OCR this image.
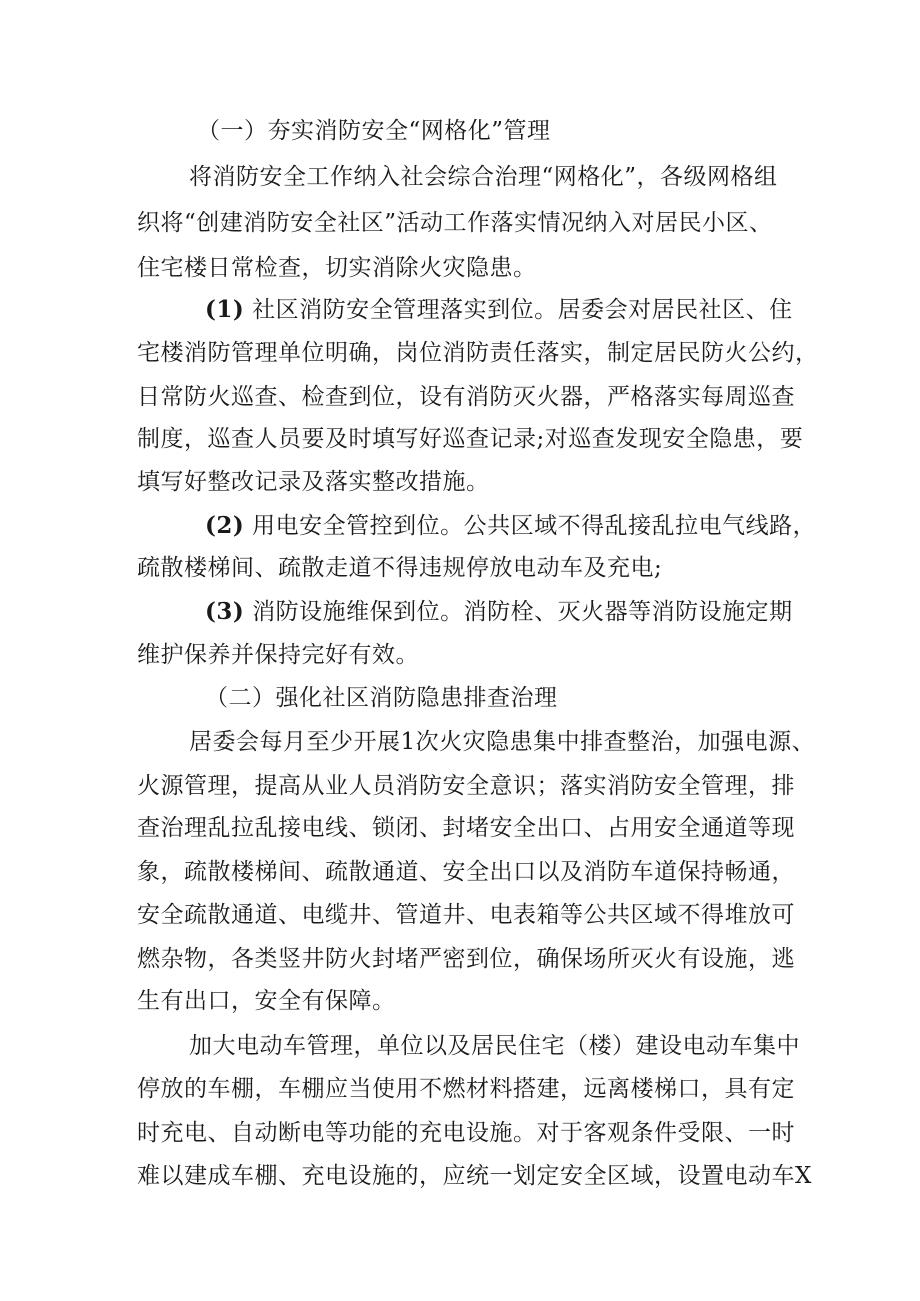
（一）夯实消防安全“网格化”管理

将消防安全工作纳入社会综合治理“网格化”，各级网格组

织将“创建消防安全社区”活动工作落实情况纳入对居民小区、

住宅楼日常检查，切实消除火灾隐患。

(1) 社区消防安全管理落实到位。居委会对居民社区、住

宅楼消防管理单位明确，岗位消防责任落实，制定居民防火公约，

日常防火巡查、检查到位，设有消防灭火器，严格落实每周巡查

制度，巡查人员要及时填写好巡查记录;对巡查发现安全隐患，要

填写好整改记录及落实整改措施。

(2) 用电安全管控到位。公共区域不得乱接乱拉电气线路，

疏散楼梯间、疏散走道不得违规停放电动车及充电;

(3) 消防设施维保到位。消防栓、灭火器等消防设施定期

维护保养并保持完好有效。

（二）强化社区消防隐患排查治理

居委会每月至少开展1次火灾隐患集中排查整治，加强电源、

火源管理，提高从业人员消防安全意识；落实消防安全管理，排

查治理乱拉乱接电线、锁闭、封堵安全出口、占用安全通道等现

象，疏散楼梯间、疏散通道、安全出口以及消防车道保持畅通，

安全疏散通道、电缆井、管道井、电表箱等公共区域不得堆放可

燃杂物，各类竖井防火封堵严密到位，确保场所灭火有设施，逃

生有出口，安全有保障。

加大电动车管理，单位以及居民住宅（楼）建设电动车集中

停放的车棚，车棚应当使用不燃材料搭建，远离楼梯口，具有定

时充电、自动断电等功能的充电设施。对于客观条件受限、一时

难以建成车棚、充电设施的，应统一划定安全区域，设置电动车X
